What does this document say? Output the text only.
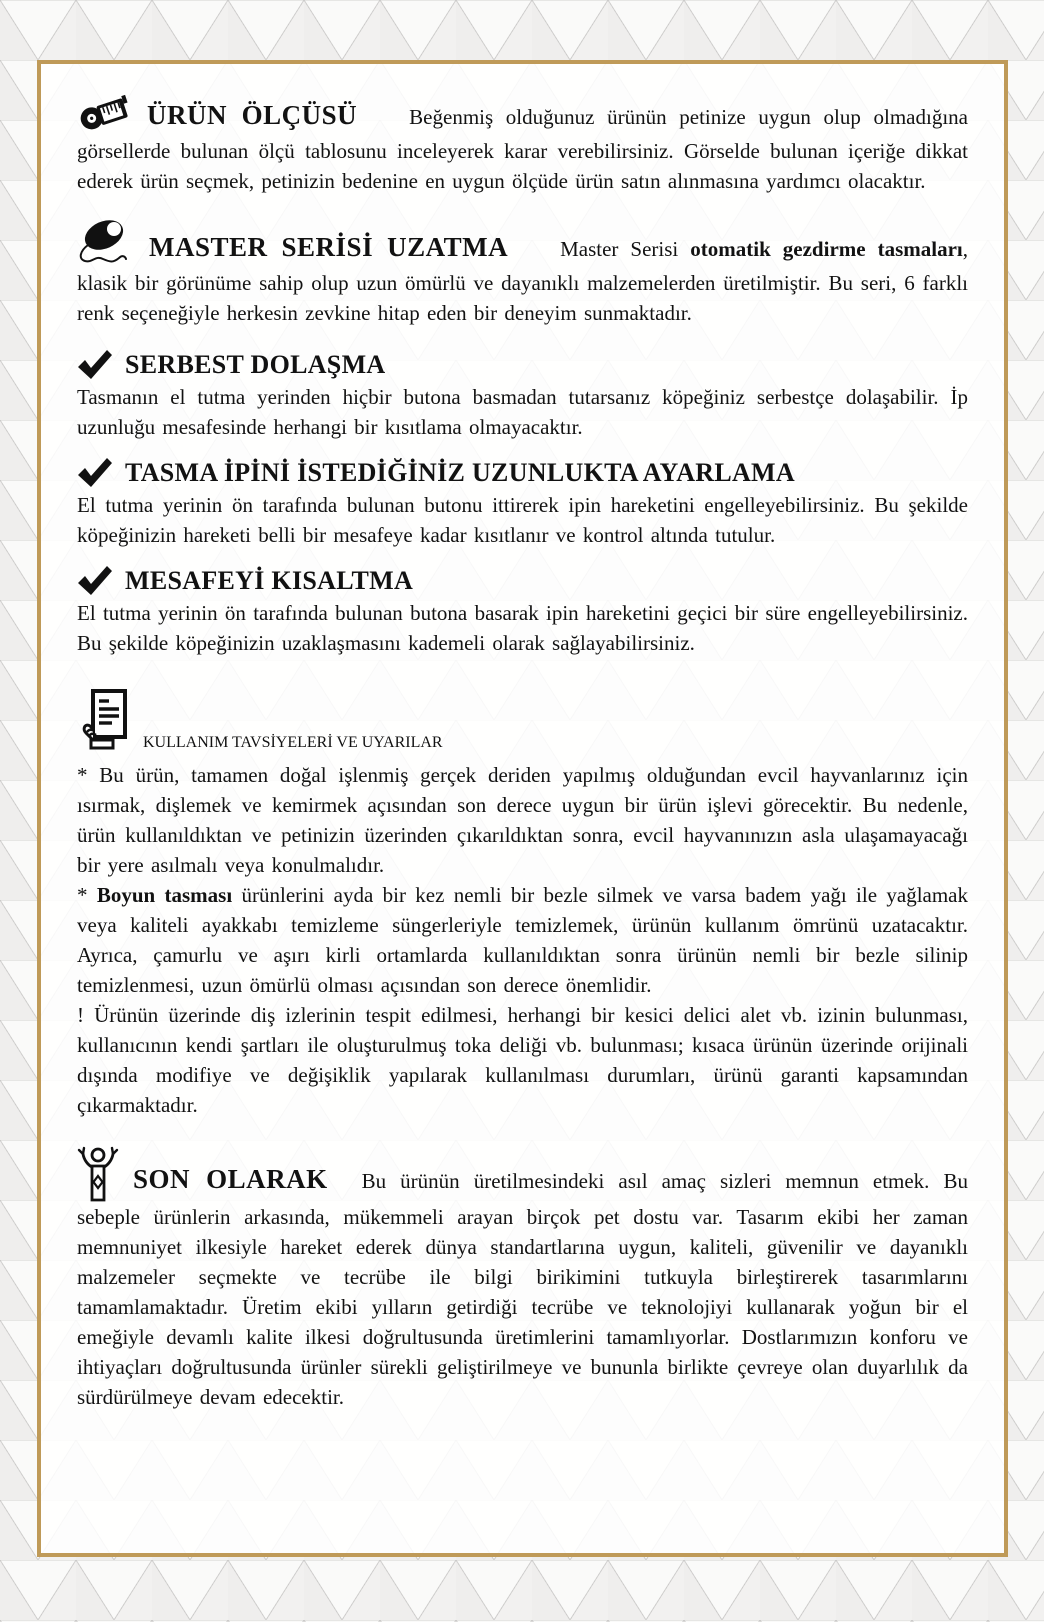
ÜRÜN ÖLÇÜSÜ Beğenmiş olduğunuz ürünün petinize uygun olup olmadığına görsellerde bulunan ölçü tablosunu inceleyerek karar verebilirsiniz. Görselde bulunan içeriğe dikkat ederek ürün seçmek, petinizin bedenine en uygun ölçüde ürün satın alınmasına yardımcı olacaktır.

MASTER SERİSİ UZATMA Master Serisi otomatik gezdirme tasmaları, klasik bir görünüme sahip olup uzun ömürlü ve dayanıklı malzemelerden üretilmiştir. Bu seri, 6 farklı renk seçeneğiyle herkesin zevkine hitap eden bir deneyim sunmaktadır.

SERBEST DOLAŞMA

Tasmanın el tutma yerinden hiçbir butona basmadan tutarsanız köpeğiniz serbestçe dolaşabilir. İp uzunluğu mesafesinde herhangi bir kısıtlama olmayacaktır.

TASMA İPİNİ İSTEDİĞİNİZ UZUNLUKTA AYARLAMA

El tutma yerinin ön tarafında bulunan butonu ittirerek ipin hareketini engelleyebilirsiniz. Bu şekilde köpeğinizin hareketi belli bir mesafeye kadar kısıtlanır ve kontrol altında tutulur.

MESAFEYİ KISALTMA

El tutma yerinin ön tarafında bulunan butona basarak ipin hareketini geçici bir süre engelleyebilirsiniz. Bu şekilde köpeğinizin uzaklaşmasını kademeli olarak sağlayabilirsiniz.

KULLANIM TAVSİYELERİ VE UYARILAR

* Bu ürün, tamamen doğal işlenmiş gerçek deriden yapılmış olduğundan evcil hayvanlarınız için ısırmak, dişlemek ve kemirmek açısından son derece uygun bir ürün işlevi görecektir. Bu nedenle, ürün kullanıldıktan ve petinizin üzerinden çıkarıldıktan sonra, evcil hayvanınızın asla ulaşamayacağı bir yere asılmalı veya konulmalıdır.

* Boyun tasması ürünlerini ayda bir kez nemli bir bezle silmek ve varsa badem yağı ile yağlamak veya kaliteli ayakkabı temizleme süngerleriyle temizlemek, ürünün kullanım ömrünü uzatacaktır. Ayrıca, çamurlu ve aşırı kirli ortamlarda kullanıldıktan sonra ürünün nemli bir bezle silinip temizlenmesi, uzun ömürlü olması açısından son derece önemlidir.

! Ürünün üzerinde diş izlerinin tespit edilmesi, herhangi bir kesici delici alet vb. izinin bulunması, kullanıcının kendi şartları ile oluşturulmuş toka deliği vb. bulunması; kısaca ürünün üzerinde orijinali dışında modifiye ve değişiklik yapılarak kullanılması durumları, ürünü garanti kapsamından çıkarmaktadır.

SON OLARAK Bu ürünün üretilmesindeki asıl amaç sizleri memnun etmek. Bu sebeple ürünlerin arkasında, mükemmeli arayan birçok pet dostu var. Tasarım ekibi her zaman memnuniyet ilkesiyle hareket ederek dünya standartlarına uygun, kaliteli, güvenilir ve dayanıklı malzemeler seçmekte ve tecrübe ile bilgi birikimini tutkuyla birleştirerek tasarımlarını tamamlamaktadır. Üretim ekibi yılların getirdiği tecrübe ve teknolojiyi kullanarak yoğun bir el emeğiyle devamlı kalite ilkesi doğrultusunda üretimlerini tamamlıyorlar. Dostlarımızın konforu ve ihtiyaçları doğrultusunda ürünler sürekli geliştirilmeye ve bununla birlikte çevreye olan duyarlılık da sürdürülmeye devam edecektir.
